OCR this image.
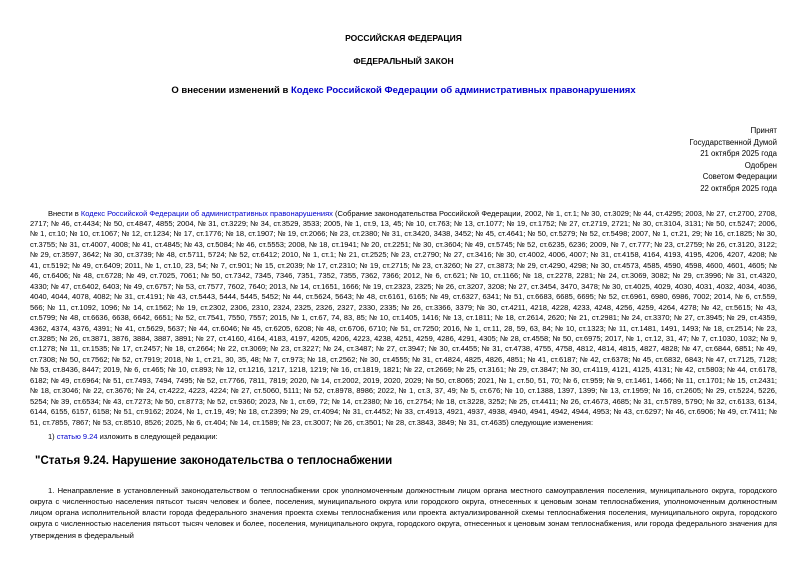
РОССИЙСКАЯ ФЕДЕРАЦИЯ
ФЕДЕРАЛЬНЫЙ ЗАКОН
О внесении изменений в Кодекс Российской Федерации об административных правонарушениях
Принят
Государственной Думой
21 октября 2025 года
Одобрен
Советом Федерации
22 октября 2025 года
Внести в Кодекс Российской Федерации об административных правонарушениях (Собрание законодательства Российской Федерации, 2002, № 1, ст.1; № 30, ст.3029; № 44, ст.4295; 2003, № 27, ст.2700, 2708, 2717; № 46, ст.4434; № 50, ст.4847, 4855; 2004, № 31, ст.3229; № 34, ст.3529, 3533; 2005, № 1, ст.9, 13, 45; № 10, ст.763; № 13, ст.1077; № 19, ст.1752; № 27, ст.2719, 2721; № 30, ст.3104, 3131; № 50, ст.5247; 2006, № 1, ст.10; № 10, ст.1067; № 12, ст.1234; № 17, ст.1776; № 18, ст.1907; № 19, ст.2066; № 23, ст.2380; № 31, ст.3420, 3438, 3452; № 45, ст.4641; № 50, ст.5279; № 52, ст.5498; 2007, № 1, ст.21, 29; № 16, ст.1825; № 30, ст.3755; № 31, ст.4007, 4008; № 41, ст.4845; № 43, ст.5084; № 46, ст.5553; 2008, № 18, ст.1941; № 20, ст.2251; № 30, ст.3604; № 49, ст.5745; № 52, ст.6235, 6236; 2009, № 7, ст.777; № 23, ст.2759; № 26, ст.3120, 3122; № 29, ст.3597, 3642; № 30, ст.3739; № 48, ст.5711, 5724; № 52, ст.6412; 2010, № 1, ст.1; № 21, ст.2525; № 23, ст.2790; № 27, ст.3416; № 30, ст.4002, 4006, 4007; № 31, ст.4158, 4164, 4193, 4195, 4206, 4207, 4208; № 41, ст.5192; № 49, ст.6409; 2011, № 1, ст.10, 23, 54; № 7, ст.901; № 15, ст.2039; № 17, ст.2310; № 19, ст.2715; № 23, ст.3260; № 27, ст.3873; № 29, ст.4290, 4298; № 30, ст.4573, 4585, 4590, 4598, 4600, 4601, 4605; № 46, ст.6406; № 48, ст.6728; № 49, ст.7025, 7061; № 50, ст.7342, 7345, 7346, 7351, 7352, 7355, 7362, 7366; 2012, № 6, ст.621; № 10, ст.1166; № 18, ст.2278, 2281; № 24, ст.3069, 3082; № 29, ст.3996; № 31, ст.4320, 4330; № 47, ст.6402, 6403; № 49, ст.6757; № 53, ст.7577, 7602, 7640; 2013, № 14, ст.1651, 1666; № 19, ст.2323, 2325; № 26, ст.3207, 3208; № 27, ст.3454, 3470, 3478; № 30, ст.4025, 4029, 4030, 4031, 4032, 4034, 4036, 4040, 4044, 4078, 4082; № 31, ст.4191; № 43, ст.5443, 5444, 5445, 5452; № 44, ст.5624, 5643; № 48, ст.6161, 6165; № 49, ст.6327, 6341; № 51, ст.6683, 6685, 6695; № 52, ст.6961, 6980, 6986, 7002; 2014, № 6, ст.559, 566; № 11, ст.1092, 1096; № 14, ст.1562; № 19, ст.2302, 2306, 2310, 2324, 2325, 2326, 2327, 2330, 2335; № 26, ст.3366, 3379; № 30, ст.4211, 4218, 4228, 4233, 4248, 4256, 4259, 4264, 4278; № 42, ст.5615; № 43, ст.5799; № 48, ст.6636, 6638, 6642, 6651; № 52, ст.7541, 7550, 7557; 2015, № 1, ст.67, 74, 83, 85; № 10, ст.1405, 1416; № 13, ст.1811; № 18, ст.2614, 2620; № 21, ст.2981; № 24, ст.3370; № 27, ст.3945; № 29, ст.4359, 4362, 4374, 4376, 4391; № 41, ст.5629, 5637; № 44, ст.6046; № 45, ст.6205, 6208; № 48, ст.6706, 6710; № 51, ст.7250; 2016, № 1, ст.11, 28, 59, 63, 84; № 10, ст.1323; № 11, ст.1481, 1491, 1493; № 18, ст.2514; № 23, ст.3285; № 26, ст.3871, 3876, 3884, 3887, 3891; № 27, ст.4160, 4164, 4183, 4197, 4205, 4206, 4223, 4238, 4251, 4259, 4286, 4291, 4305; № 28, ст.4558; № 50, ст.6975; 2017, № 1, ст.12, 31, 47; № 7, ст.1030, 1032; № 9, ст.1278; № 11, ст.1535; № 17, ст.2457; № 18, ст.2664; № 22, ст.3069; № 23, ст.3227; № 24, ст.3487; № 27, ст.3947; № 30, ст.4455; № 31, ст.4738, 4755, 4758, 4812, 4814, 4815, 4827, 4828; № 47, ст.6844, 6851; № 49, ст.7308; № 50, ст.7562; № 52, ст.7919; 2018, № 1, ст.21, 30, 35, 48; № 7, ст.973; № 18, ст.2562; № 30, ст.4555; № 31, ст.4824, 4825, 4826, 4851; № 41, ст.6187; № 42, ст.6378; № 45, ст.6832, 6843; № 47, ст.7125, 7128; № 53, ст.8436, 8447; 2019, № 6, ст.465; № 10, ст.893; № 12, ст.1216, 1217, 1218, 1219; № 16, ст.1819, 1821; № 22, ст.2669; № 25, ст.3161; № 29, ст.3847; № 30, ст.4119, 4121, 4125, 4131; № 42, ст.5803; № 44, ст.6178, 6182; № 49, ст.6964; № 51, ст.7493, 7494, 7495; № 52, ст.7766, 7811, 7819; 2020, № 14, ст.2002, 2019, 2020, 2029; № 50, ст.8065; 2021, № 1, ст.50, 51, 70; № 6, ст.959; № 9, ст.1461, 1466; № 11, ст.1701; № 15, ст.2431; № 18, ст.3046; № 22, ст.3676; № 24, ст.4222, 4223, 4224; № 27, ст.5060, 5111; № 52, ст.8978, 8986; 2022, № 1, ст.3, 37, 49; № 5, ст.676; № 10, ст.1388, 1397, 1399; № 13, ст.1959; № 16, ст.2605; № 29, ст.5224, 5226, 5254; № 39, ст.6534; № 43, ст.7273; № 50, ст.8773; № 52, ст.9360; 2023, № 1, ст.69, 72; № 14, ст.2380; № 16, ст.2754; № 18, ст.3228, 3252; № 25, ст.4411; № 26, ст.4673, 4685; № 31, ст.5789, 5790; № 32, ст.6133, 6134, 6144, 6155, 6157, 6158; № 51, ст.9162; 2024, № 1, ст.19, 49; № 18, ст.2399; № 29, ст.4094; № 31, ст.4452; № 33, ст.4913, 4921, 4937, 4938, 4940, 4941, 4942, 4944, 4953; № 43, ст.6297; № 46, ст.6906; № 49, ст.7411; № 51, ст.7855, 7867; № 53, ст.8510, 8526; 2025, № 6, ст.404; № 14, ст.1589; № 23, ст.3007; № 26, ст.3501; № 28, ст.3843, 3849; № 31, ст.4635) следующие изменения:
1) статью 9.24 изложить в следующей редакции:
"Статья 9.24. Нарушение законодательства о теплоснабжении
1. Ненаправление в установленный законодательством о теплоснабжении срок уполномоченным должностным лицом органа местного самоуправления поселения, муниципального округа, городского округа с численностью населения пятьсот тысяч человек и более, поселения, муниципального округа или городского округа, отнесенных к ценовым зонам теплоснабжения, уполномоченным должностным лицом органа исполнительной власти города федерального значения проекта схемы теплоснабжения или проекта актуализированной схемы теплоснабжения поселения, муниципального округа, городского округа с численностью населения пятьсот тысяч человек и более, поселения, муниципального округа, городского округа, отнесенных к ценовым зонам теплоснабжения, или города федерального значения для утверждения в федеральный
